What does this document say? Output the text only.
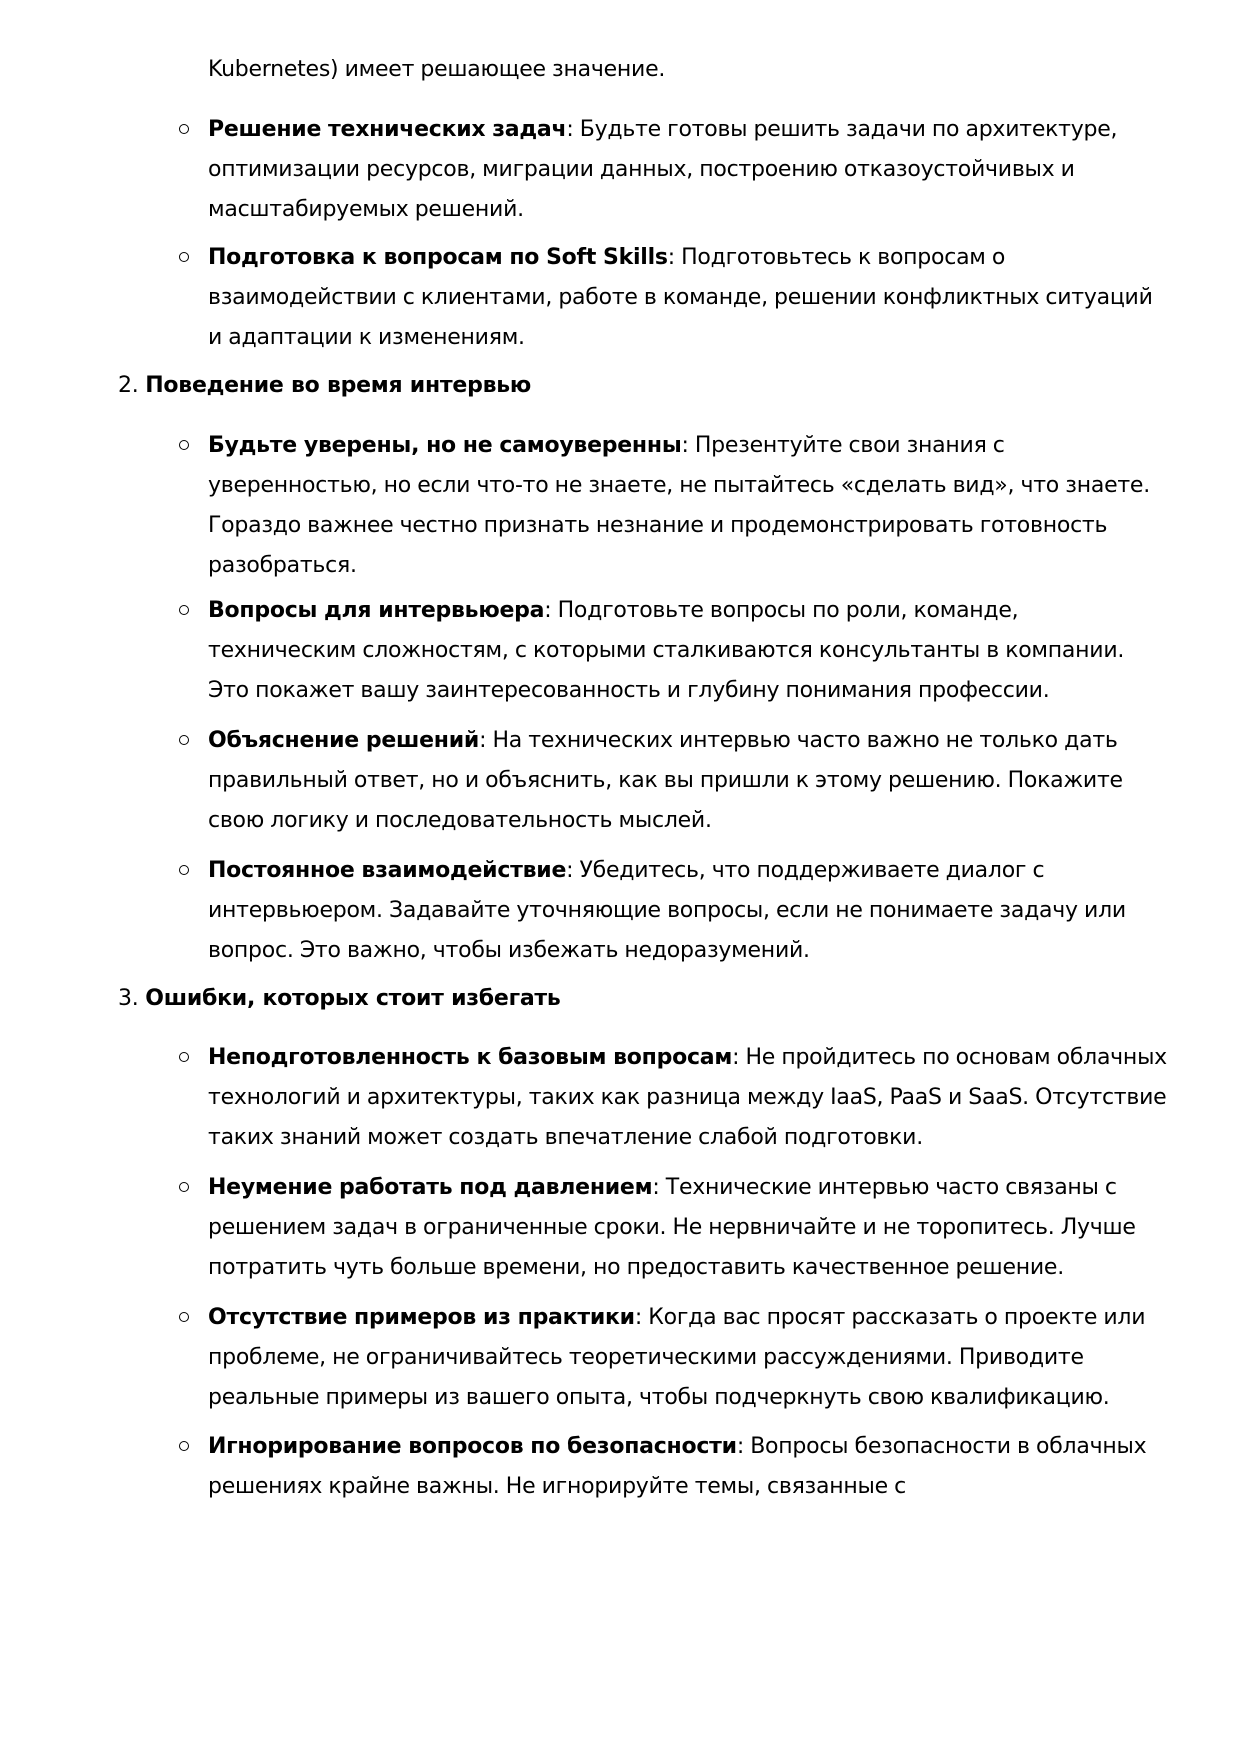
Kubernetes) имеет решающее значение.
Решение технических задач: Будьте готовы решить задачи по архитектуре, оптимизации ресурсов, миграции данных, построению отказоустойчивых и масштабируемых решений.
Подготовка к вопросам по Soft Skills: Подготовьтесь к вопросам о взаимодействии с клиентами, работе в команде, решении конфликтных ситуаций и адаптации к изменениям.
2. Поведение во время интервью
Будьте уверены, но не самоуверенны: Презентуйте свои знания с уверенностью, но если что-то не знаете, не пытайтесь «сделать вид», что знаете. Гораздо важнее честно признать незнание и продемонстрировать готовность разобраться.
Вопросы для интервьюера: Подготовьте вопросы по роли, команде, техническим сложностям, с которыми сталкиваются консультанты в компании. Это покажет вашу заинтересованность и глубину понимания профессии.
Объяснение решений: На технических интервью часто важно не только дать правильный ответ, но и объяснить, как вы пришли к этому решению. Покажите свою логику и последовательность мыслей.
Постоянное взаимодействие: Убедитесь, что поддерживаете диалог с интервьюером. Задавайте уточняющие вопросы, если не понимаете задачу или вопрос. Это важно, чтобы избежать недоразумений.
3. Ошибки, которых стоит избегать
Неподготовленность к базовым вопросам: Не пройдитесь по основам облачных технологий и архитектуры, таких как разница между IaaS, PaaS и SaaS. Отсутствие таких знаний может создать впечатление слабой подготовки.
Неумение работать под давлением: Технические интервью часто связаны с решением задач в ограниченные сроки. Не нервничайте и не торопитесь. Лучше потратить чуть больше времени, но предоставить качественное решение.
Отсутствие примеров из практики: Когда вас просят рассказать о проекте или проблеме, не ограничивайтесь теоретическими рассуждениями. Приводите реальные примеры из вашего опыта, чтобы подчеркнуть свою квалификацию.
Игнорирование вопросов по безопасности: Вопросы безопасности в облачных решениях крайне важны. Не игнорируйте темы, связанные с
